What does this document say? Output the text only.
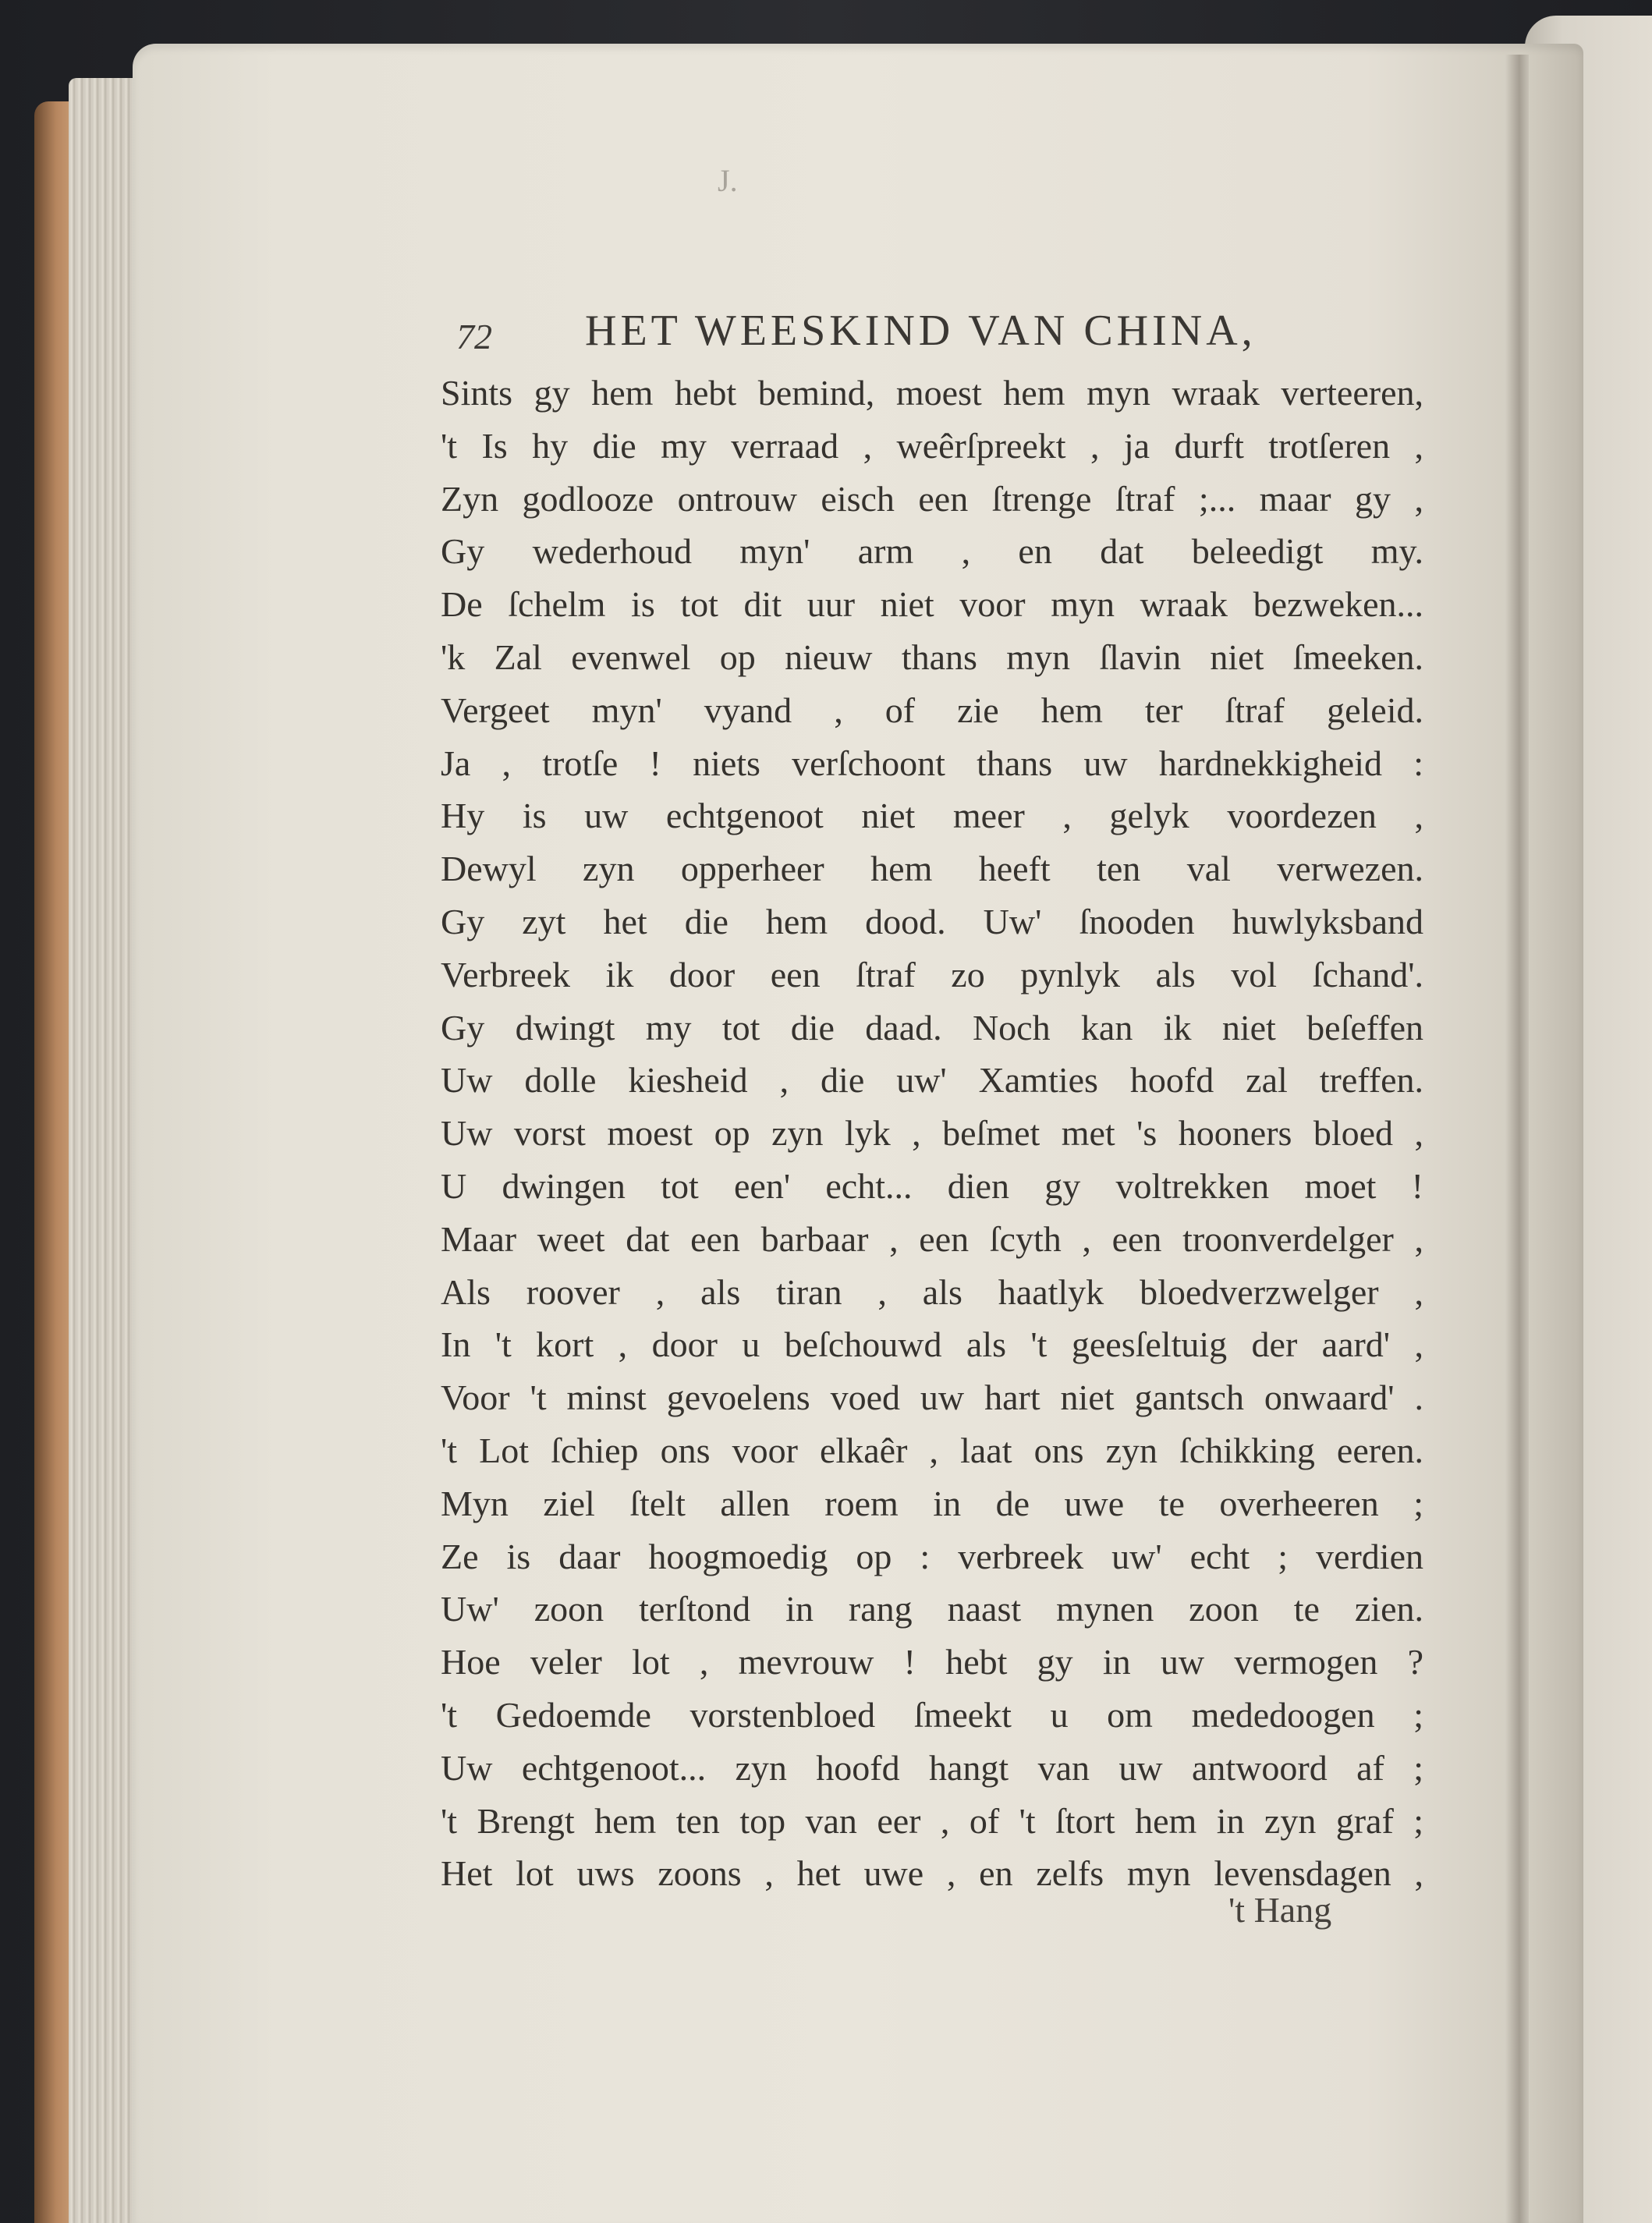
J.
72 HET WEESKIND VAN CHINA,
Sints gy hem hebt bemind, moest hem myn wraak verteeren,
't Is hy die my verraad , weêrſpreekt , ja durft trotſeren ,
Zyn godlooze ontrouw eisch een ſtrenge ſtraf ;... maar gy ,
Gy wederhoud myn' arm , en dat beleedigt my.
De ſchelm is tot dit uur niet voor myn wraak bezweken...
'k Zal evenwel op nieuw thans myn ſlavin niet ſmeeken.
Vergeet myn' vyand , of zie hem ter ſtraf geleid.
Ja , trotſe ! niets verſchoont thans uw hardnekkigheid :
Hy is uw echtgenoot niet meer , gelyk voordezen ,
Dewyl zyn opperheer hem heeft ten val verwezen.
Gy zyt het die hem dood. Uw' ſnooden huwlyksband
Verbreek ik door een ſtraf zo pynlyk als vol ſchand'.
Gy dwingt my tot die daad. Noch kan ik niet beſeffen
Uw dolle kiesheid , die uw' Xamties hoofd zal treffen.
Uw vorst moest op zyn lyk , beſmet met 's hooners bloed ,
U dwingen tot een' echt... dien gy voltrekken moet !
Maar weet dat een barbaar , een ſcyth , een troonverdelger ,
Als roover , als tiran , als haatlyk bloedverzwelger ,
In 't kort , door u beſchouwd als 't geesſeltuig der aard' ,
Voor 't minst gevoelens voed uw hart niet gantsch onwaard' .
't Lot ſchiep ons voor elkaêr , laat ons zyn ſchikking eeren.
Myn ziel ſtelt allen roem in de uwe te overheeren ;
Ze is daar hoogmoedig op : verbreek uw' echt ; verdien
Uw' zoon terſtond in rang naast mynen zoon te zien.
Hoe veler lot , mevrouw ! hebt gy in uw vermogen ?
't Gedoemde vorstenbloed ſmeekt u om mededoogen ;
Uw echtgenoot... zyn hoofd hangt van uw antwoord af ;
't Brengt hem ten top van eer , of 't ſtort hem in zyn graf ;
Het lot uws zoons , het uwe , en zelfs myn levensdagen ,
't Hang
